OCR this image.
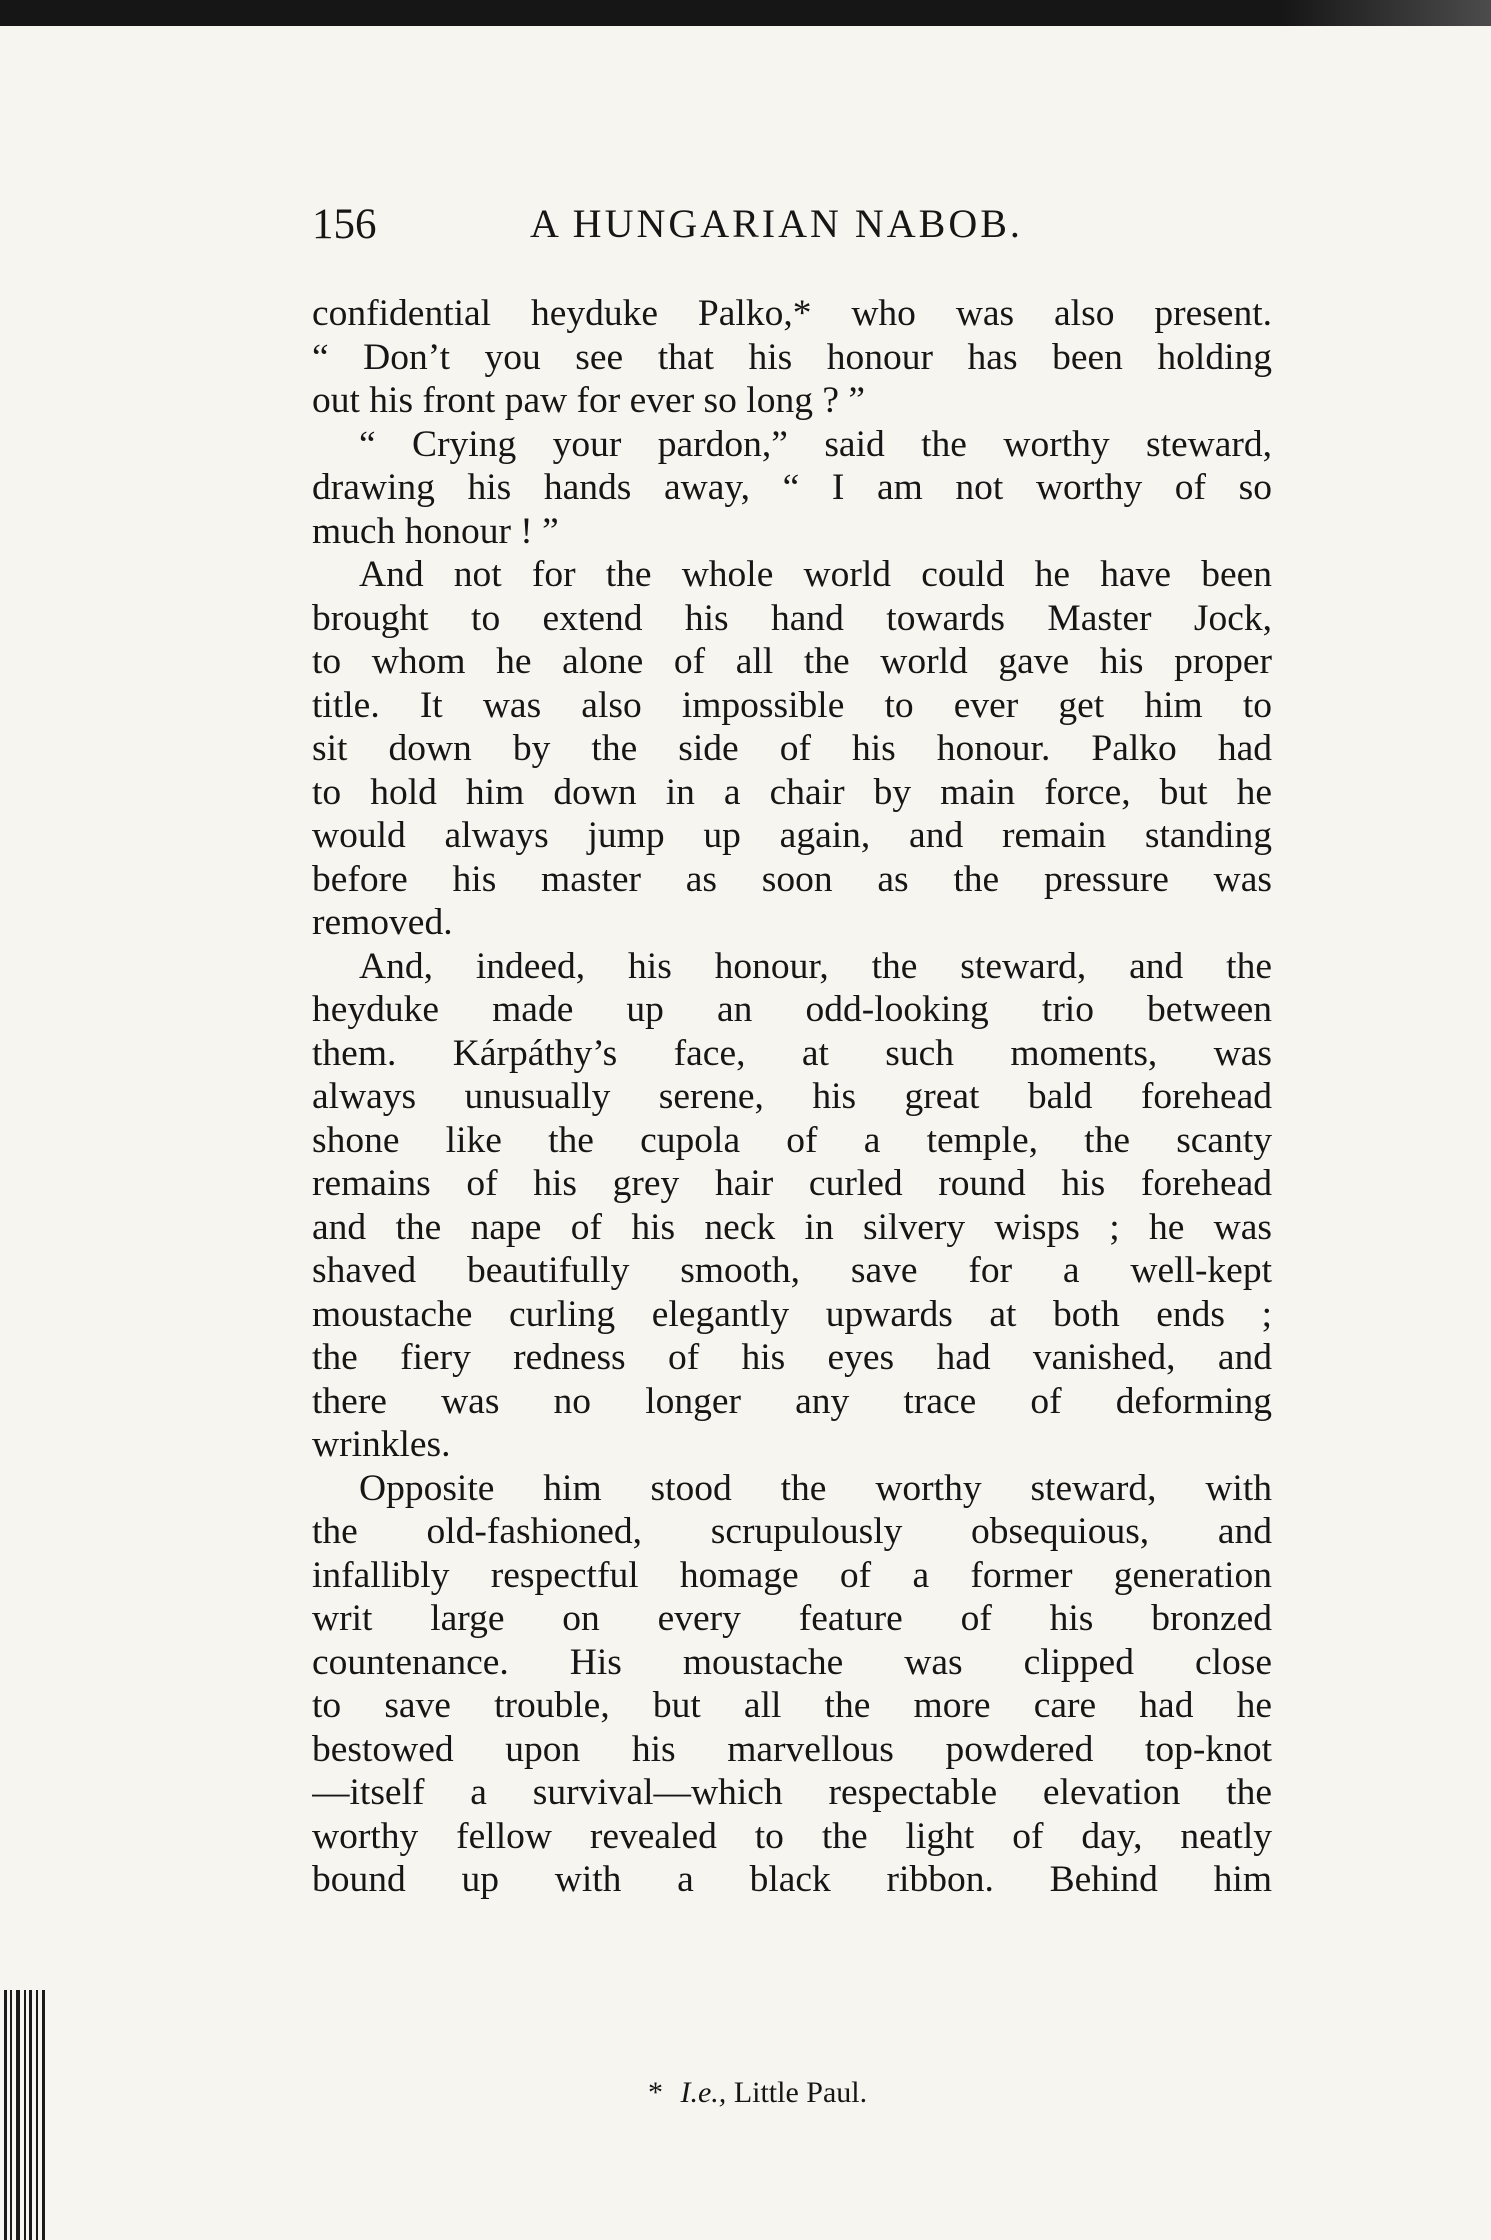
156	A HUNGARIAN NABOB.
confidential heyduke Palko,* who was also present.
“ Don’t you see that his honour has been holding
out his front paw for ever so long ? ”
“ Crying your pardon,” said the worthy steward,
drawing his hands away, “ I am not worthy of so
much honour ! ”
And not for the whole world could he have been
brought to extend his hand towards Master Jock,
to whom he alone of all the world gave his proper
title. It was also impossible to ever get him to
sit down by the side of his honour. Palko had
to hold him down in a chair by main force, but he
would always jump up again, and remain standing
before his master as soon as the pressure was
removed.
And, indeed, his honour, the steward, and the
heyduke made up an odd-looking trio between
them. Kárpáthy’s face, at such moments, was
always unusually serene, his great bald forehead
shone like the cupola of a temple, the scanty
remains of his grey hair curled round his forehead
and the nape of his neck in silvery wisps ; he was
shaved beautifully smooth, save for a well-kept
moustache curling elegantly upwards at both ends ;
the fiery redness of his eyes had vanished, and
there was no longer any trace of deforming
wrinkles.
Opposite him stood the worthy steward, with
the old-fashioned, scrupulously obsequious, and
infallibly respectful homage of a former generation
writ large on every feature of his bronzed
countenance. His moustache was clipped close
to save trouble, but all the more care had he
bestowed upon his marvellous powdered top-knot
—itself a survival—which respectable elevation the
worthy fellow revealed to the light of day, neatly
bound up with a black ribbon. Behind him
* I.e., Little Paul.
